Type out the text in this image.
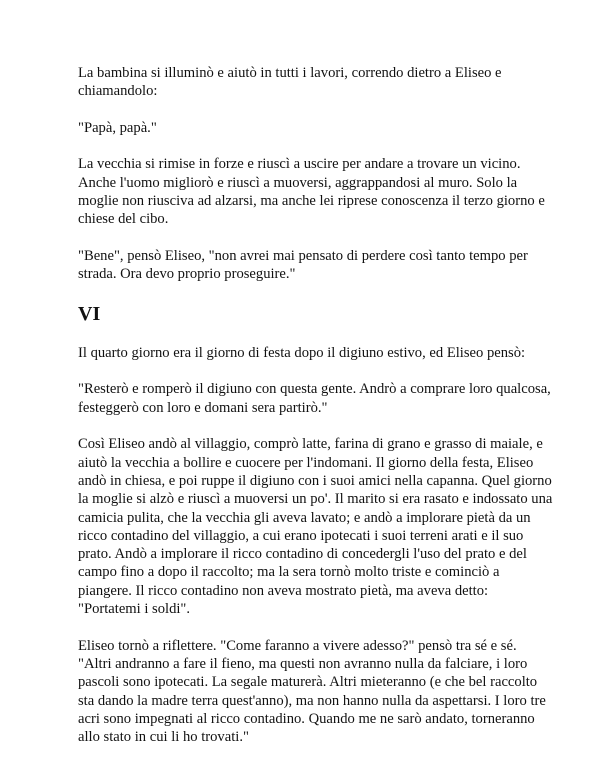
La bambina si illuminò e aiutò in tutti i lavori, correndo dietro a Eliseo e chiamandolo:

"Papà, papà."

La vecchia si rimise in forze e riuscì a uscire per andare a trovare un vicino. Anche l'uomo migliorò e riuscì a muoversi, aggrappandosi al muro. Solo la moglie non riusciva ad alzarsi, ma anche lei riprese conoscenza il terzo giorno e chiese del cibo.

"Bene", pensò Eliseo, "non avrei mai pensato di perdere così tanto tempo per strada. Ora devo proprio proseguire."

VI

Il quarto giorno era il giorno di festa dopo il digiuno estivo, ed Eliseo pensò:

"Resterò e romperò il digiuno con questa gente. Andrò a comprare loro qualcosa, festeggerò con loro e domani sera partirò."

Così Eliseo andò al villaggio, comprò latte, farina di grano e grasso di maiale, e aiutò la vecchia a bollire e cuocere per l'indomani. Il giorno della festa, Eliseo andò in chiesa, e poi ruppe il digiuno con i suoi amici nella capanna. Quel giorno la moglie si alzò e riuscì a muoversi un po'. Il marito si era rasato e indossato una camicia pulita, che la vecchia gli aveva lavato; e andò a implorare pietà da un ricco contadino del villaggio, a cui erano ipotecati i suoi terreni arati e il suo prato. Andò a implorare il ricco contadino di concedergli l'uso del prato e del campo fino a dopo il raccolto; ma la sera tornò molto triste e cominciò a piangere. Il ricco contadino non aveva mostrato pietà, ma aveva detto: "Portatemi i soldi".

Eliseo tornò a riflettere. "Come faranno a vivere adesso?" pensò tra sé e sé. "Altri andranno a fare il fieno, ma questi non avranno nulla da falciare, i loro pascoli sono ipotecati. La segale maturerà. Altri mieteranno (e che bel raccolto sta dando la madre terra quest'anno), ma non hanno nulla da aspettarsi. I loro tre acri sono impegnati al ricco contadino. Quando me ne sarò andato, torneranno allo stato in cui li ho trovati."
